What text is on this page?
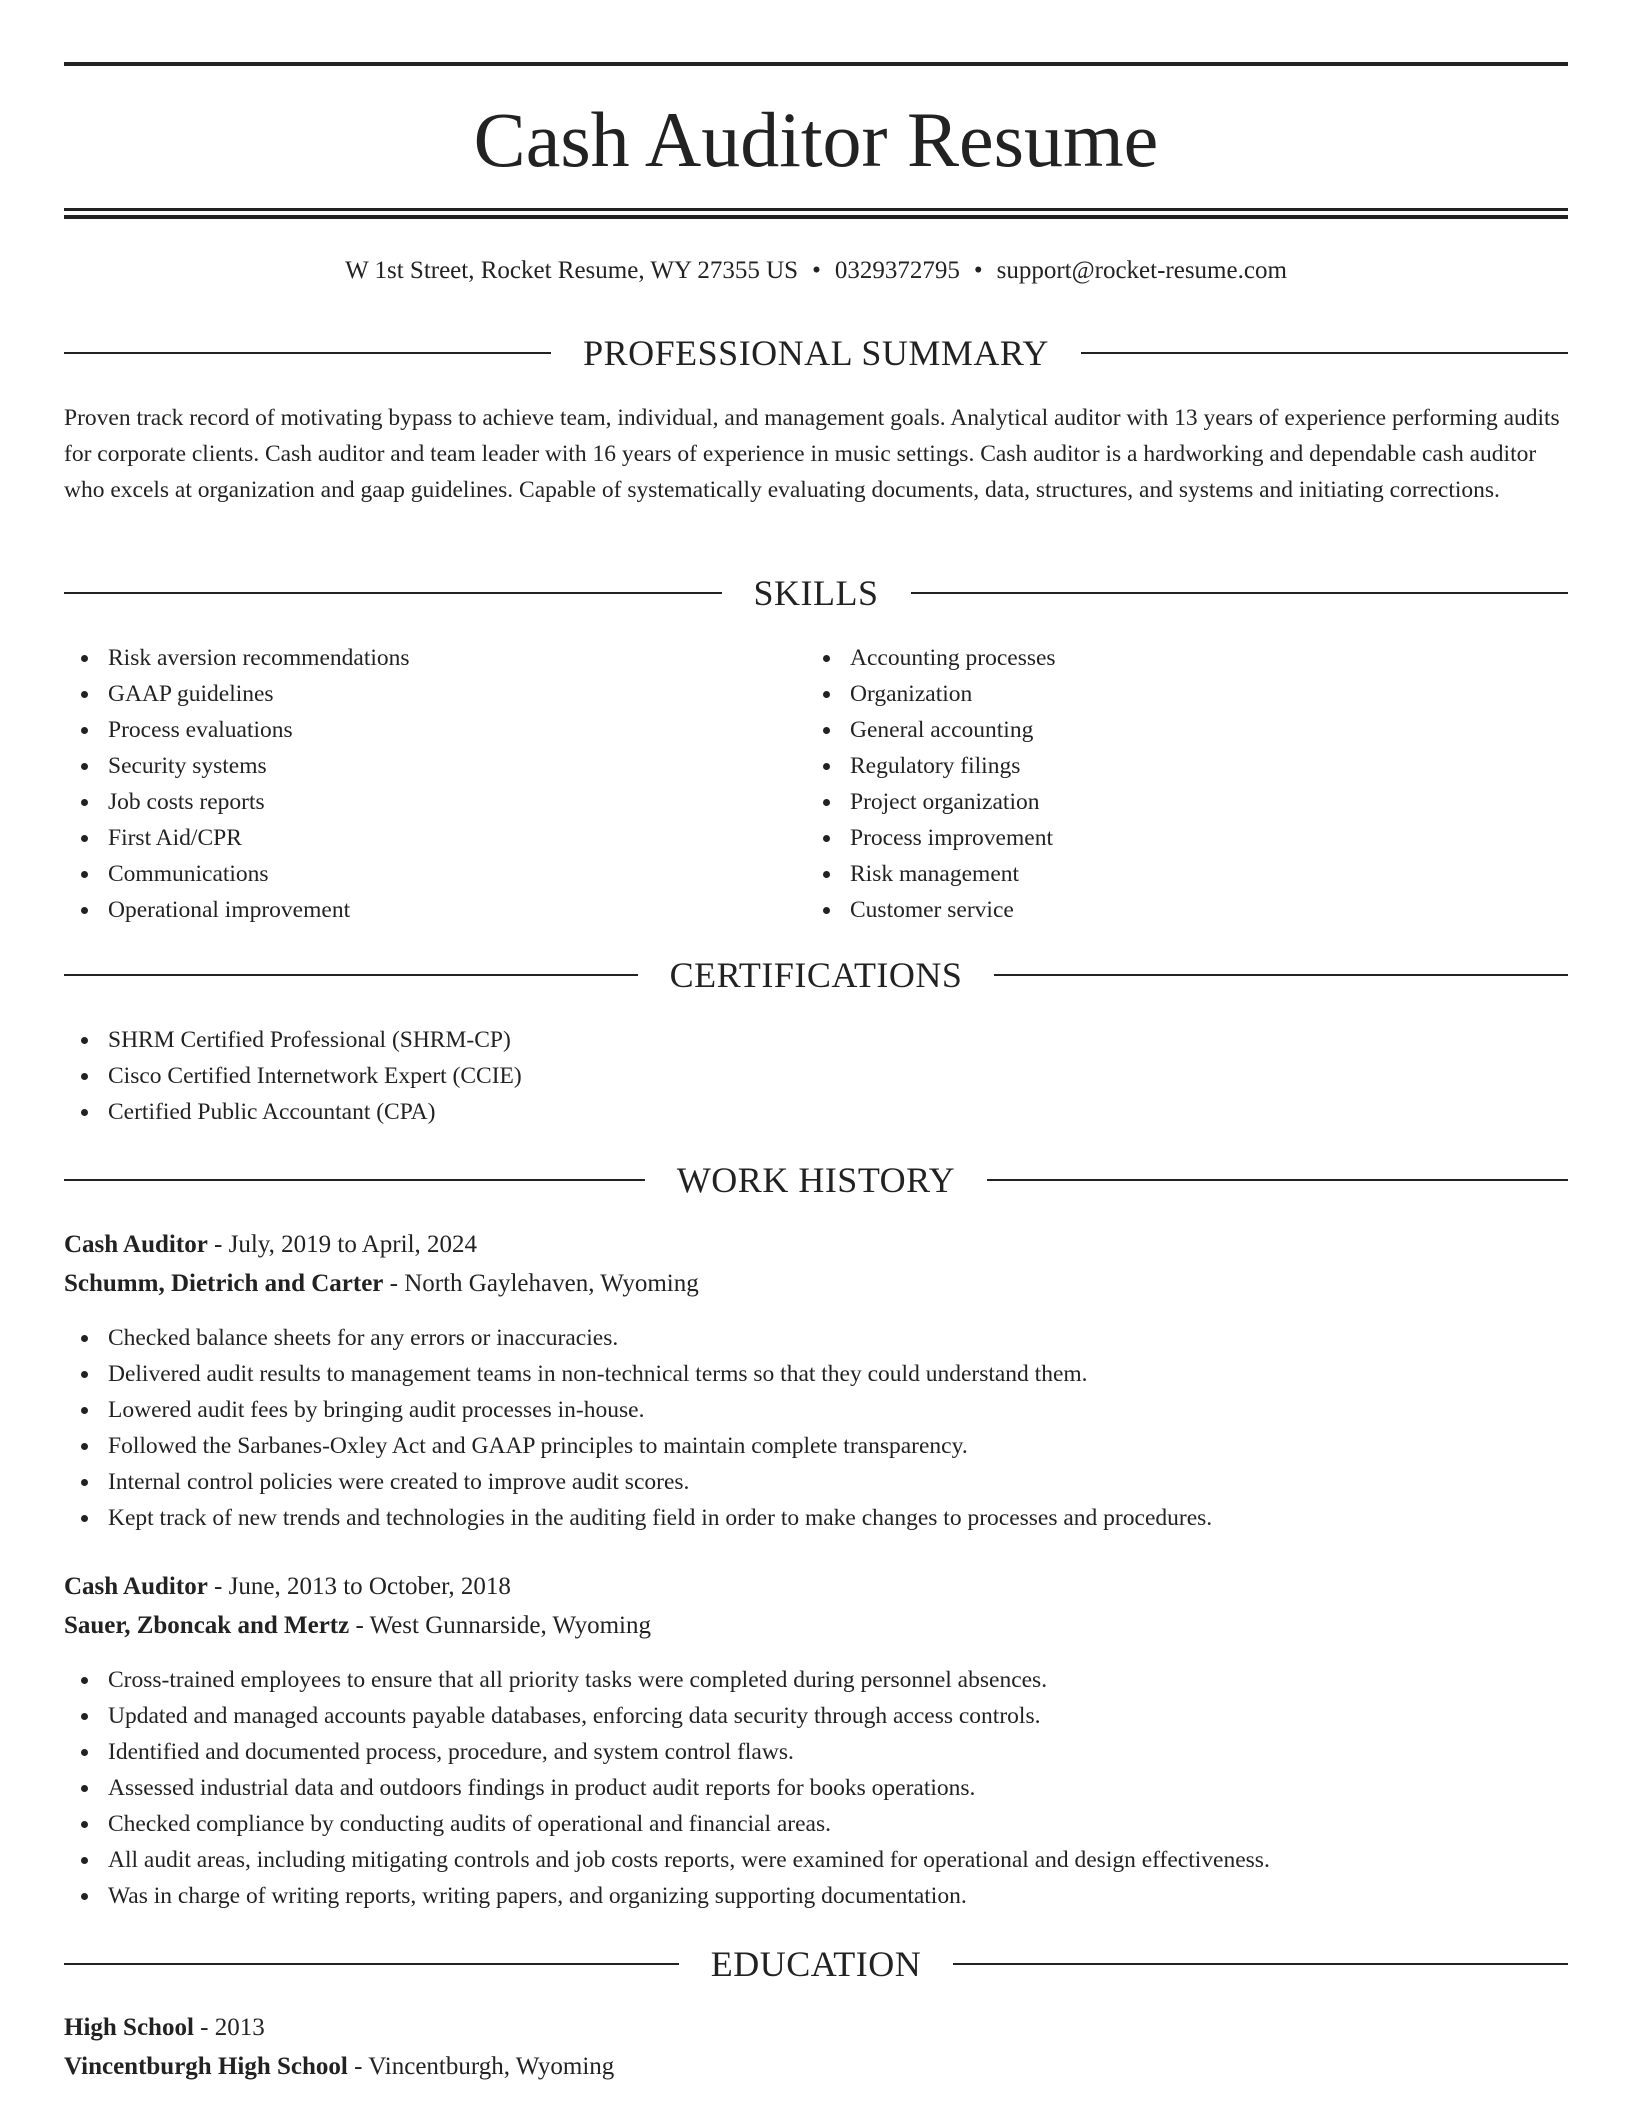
Cash Auditor Resume
W 1st Street, Rocket Resume, WY 27355 US • 0329372795 • support@rocket-resume.com
PROFESSIONAL SUMMARY

Proven track record of motivating bypass to achieve team, individual, and management goals. Analytical auditor with 13 years of experience performing audits for corporate clients. Cash auditor and team leader with 16 years of experience in music settings. Cash auditor is a hardworking and dependable cash auditor who excels at organization and gaap guidelines. Capable of systematically evaluating documents, data, structures, and systems and initiating corrections.

SKILLS
Risk aversion recommendations
GAAP guidelines
Process evaluations
Security systems
Job costs reports
First Aid/CPR
Communications
Operational improvement
Accounting processes
Organization
General accounting
Regulatory filings
Project organization
Process improvement
Risk management
Customer service
CERTIFICATIONS
SHRM Certified Professional (SHRM-CP)
Cisco Certified Internetwork Expert (CCIE)
Certified Public Accountant (CPA)
WORK HISTORY
Cash Auditor - July, 2019 to April, 2024
Schumm, Dietrich and Carter - North Gaylehaven, Wyoming
Checked balance sheets for any errors or inaccuracies.
Delivered audit results to management teams in non-technical terms so that they could understand them.
Lowered audit fees by bringing audit processes in-house.
Followed the Sarbanes-Oxley Act and GAAP principles to maintain complete transparency.
Internal control policies were created to improve audit scores.
Kept track of new trends and technologies in the auditing field in order to make changes to processes and procedures.
Cash Auditor - June, 2013 to October, 2018
Sauer, Zboncak and Mertz - West Gunnarside, Wyoming
Cross-trained employees to ensure that all priority tasks were completed during personnel absences.
Updated and managed accounts payable databases, enforcing data security through access controls.
Identified and documented process, procedure, and system control flaws.
Assessed industrial data and outdoors findings in product audit reports for books operations.
Checked compliance by conducting audits of operational and financial areas.
All audit areas, including mitigating controls and job costs reports, were examined for operational and design effectiveness.
Was in charge of writing reports, writing papers, and organizing supporting documentation.
EDUCATION
High School - 2013
Vincentburgh High School - Vincentburgh, Wyoming
